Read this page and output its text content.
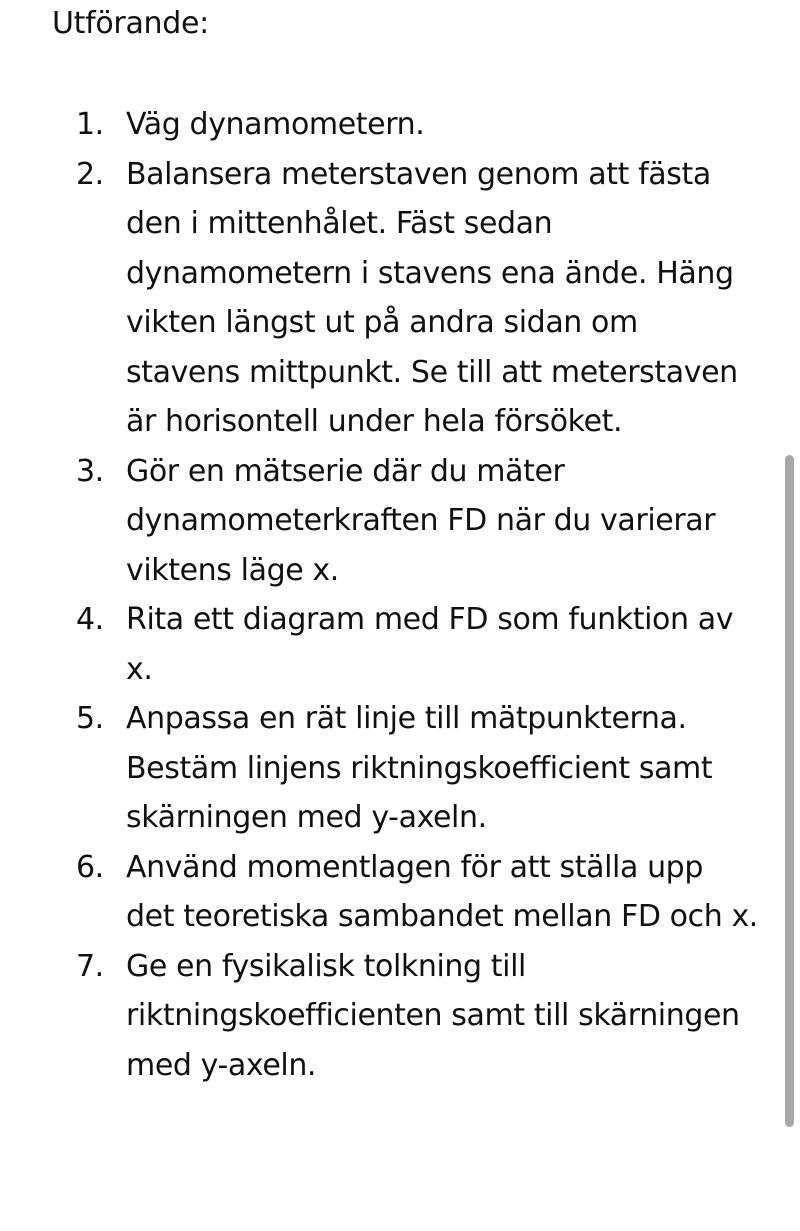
Utförande:
1. Väg dynamometern.
2. Balansera meterstaven genom att fästa den i mittenhålet. Fäst sedan dynamometern i stavens ena ände. Häng vikten längst ut på andra sidan om stavens mittpunkt. Se till att meterstaven är horisontell under hela försöket.
3. Gör en mätserie där du mäter dynamometerkraften FD när du varierar viktens läge x.
4. Rita ett diagram med FD som funktion av x.
5. Anpassa en rät linje till mätpunkterna. Bestäm linjens riktningskoefficient samt skärningen med y-axeln.
6. Använd momentlagen för att ställa upp det teoretiska sambandet mellan FD och x.
7. Ge en fysikalisk tolkning till riktningskoefficienten samt till skärningen med y-axeln.
